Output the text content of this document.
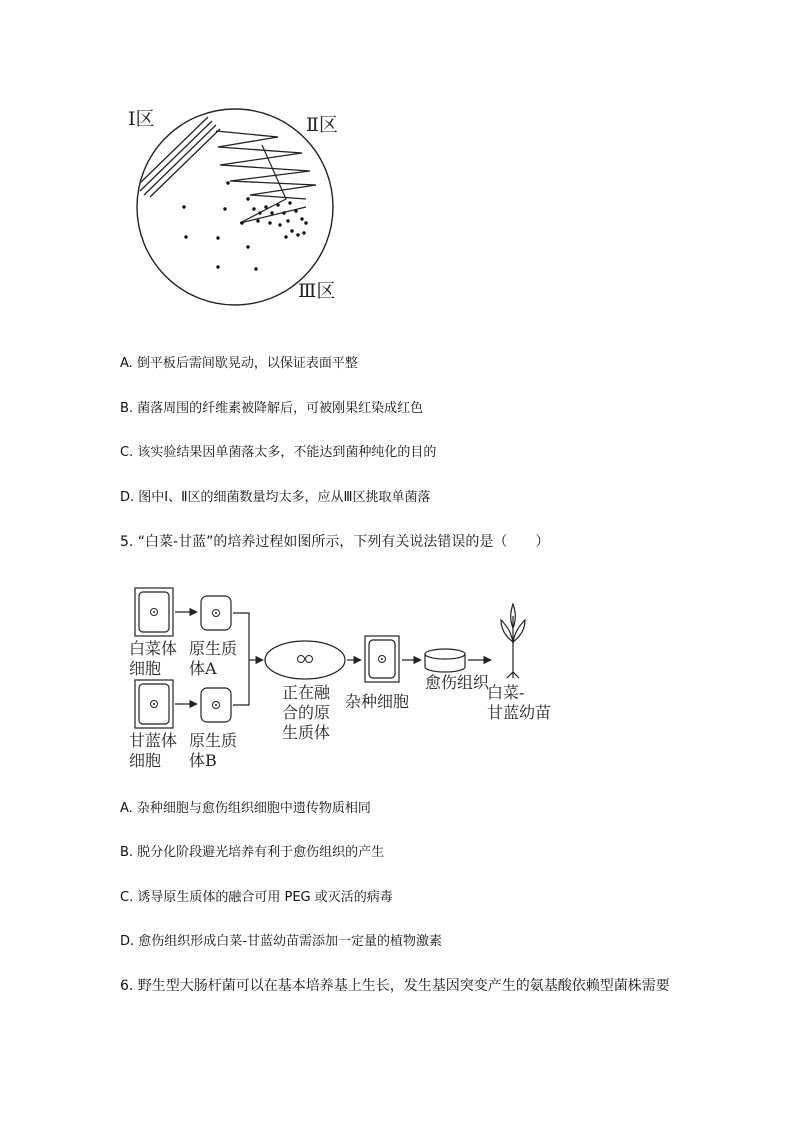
Ⅰ区	Ⅱ区
Ⅲ区
A. 倒平板后需间歇晃动，以保证表面平整
B. 菌落周围的纤维素被降解后，可被刚果红染成红色
C. 该实验结果因单菌落太多，不能达到菌种纯化的目的
D. 图中Ⅰ、Ⅱ区的细菌数量均太多，应从Ⅲ区挑取单菌落
5. “白菜-甘蓝”的培养过程如图所示，下列有关说法错误的是（　　）
白菜体
细胞
原生质
体A
甘蓝体
细胞
原生质
体B
正在融
合的原
生质体
杂种细胞
愈伤组织
白菜-
甘蓝幼苗
A. 杂种细胞与愈伤组织细胞中遗传物质相同
B. 脱分化阶段避光培养有利于愈伤组织的产生
C. 诱导原生质体的融合可用 PEG 或灭活的病毒
D. 愈伤组织形成白菜-甘蓝幼苗需添加一定量的植物激素
6. 野生型大肠杆菌可以在基本培养基上生长，发生基因突变产生的氨基酸依赖型菌株需要
